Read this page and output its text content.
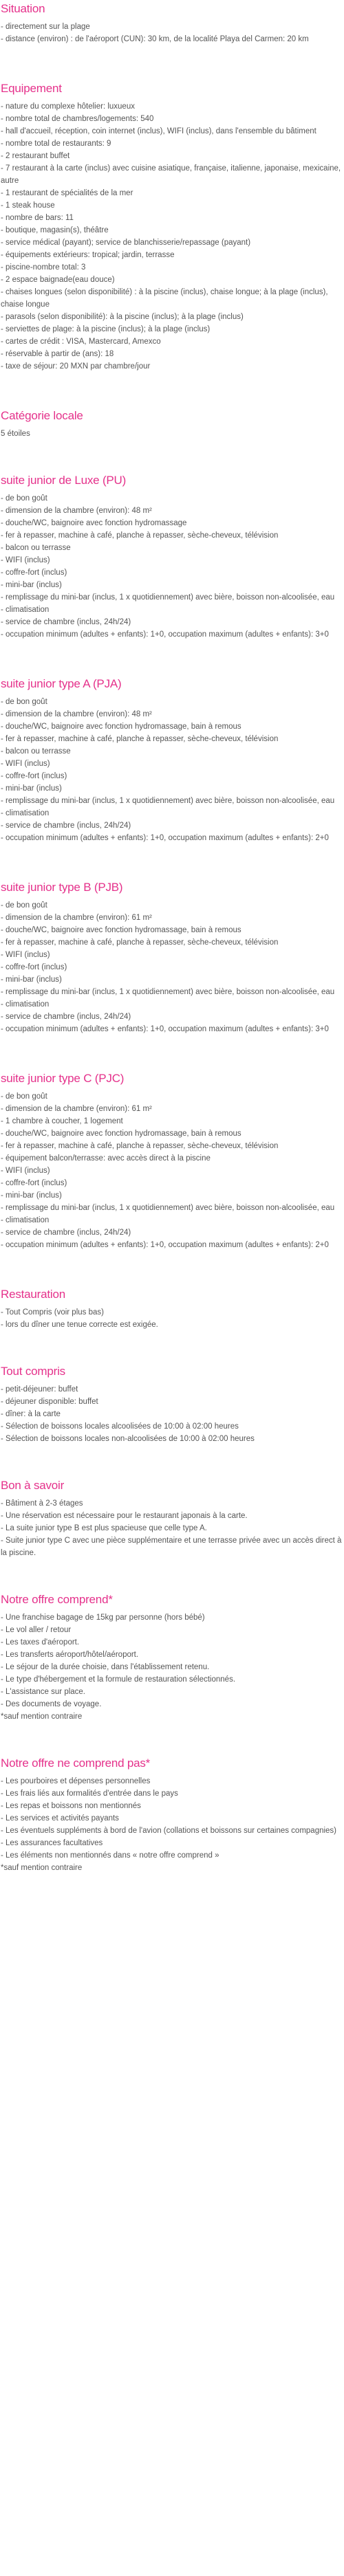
Situation
- directement sur la plage
- distance (environ) : de l'aéroport (CUN): 30 km, de la localité Playa del Carmen: 20 km
Equipement
- nature du complexe hôtelier: luxueux
- nombre total de chambres/logements: 540
- hall d'accueil, réception, coin internet (inclus), WIFI (inclus), dans l'ensemble du bâtiment
- nombre total de restaurants: 9
- 2 restaurant buffet
- 7 restaurant à la carte (inclus) avec cuisine asiatique, française, italienne, japonaise, mexicaine, autre
- 1 restaurant de spécialités de la mer
- 1 steak house
- nombre de bars: 11
- boutique, magasin(s), théâtre
- service médical (payant); service de blanchisserie/repassage (payant)
- équipements extérieurs: tropical; jardin, terrasse
- piscine-nombre total: 3
- 2 espace baignade(eau douce)
- chaises longues (selon disponibilité) : à la piscine (inclus), chaise longue; à la plage (inclus), chaise longue
- parasols (selon disponibilité): à la piscine (inclus); à la plage (inclus)
- serviettes de plage: à la piscine (inclus); à la plage (inclus)
- cartes de crédit : VISA, Mastercard, Amexco
- réservable à partir de (ans): 18
- taxe de séjour: 20 MXN par chambre/jour
Catégorie locale
5 étoiles
suite junior de Luxe (PU)
- de bon goût
- dimension de la chambre (environ): 48 m²
- douche/WC, baignoire avec fonction hydromassage
- fer à repasser, machine à café, planche à repasser, sèche-cheveux, télévision
- balcon ou terrasse
- WIFI (inclus)
- coffre-fort (inclus)
- mini-bar (inclus)
- remplissage du mini-bar (inclus, 1 x quotidiennement) avec bière, boisson non-alcoolisée, eau
- climatisation
- service de chambre (inclus, 24h/24)
- occupation minimum (adultes + enfants): 1+0, occupation maximum (adultes + enfants): 3+0
suite junior type A (PJA)
- de bon goût
- dimension de la chambre (environ): 48 m²
- douche/WC, baignoire avec fonction hydromassage, bain à remous
- fer à repasser, machine à café, planche à repasser, sèche-cheveux, télévision
- balcon ou terrasse
- WIFI (inclus)
- coffre-fort (inclus)
- mini-bar (inclus)
- remplissage du mini-bar (inclus, 1 x quotidiennement) avec bière, boisson non-alcoolisée, eau
- climatisation
- service de chambre (inclus, 24h/24)
- occupation minimum (adultes + enfants): 1+0, occupation maximum (adultes + enfants): 2+0
suite junior type B (PJB)
- de bon goût
- dimension de la chambre (environ): 61 m²
- douche/WC, baignoire avec fonction hydromassage, bain à remous
- fer à repasser, machine à café, planche à repasser, sèche-cheveux, télévision
- WIFI (inclus)
- coffre-fort (inclus)
- mini-bar (inclus)
- remplissage du mini-bar (inclus, 1 x quotidiennement) avec bière, boisson non-alcoolisée, eau
- climatisation
- service de chambre (inclus, 24h/24)
- occupation minimum (adultes + enfants): 1+0, occupation maximum (adultes + enfants): 3+0
suite junior type C (PJC)
- de bon goût
- dimension de la chambre (environ): 61 m²
- 1 chambre à coucher, 1 logement
- douche/WC, baignoire avec fonction hydromassage, bain à remous
- fer à repasser, machine à café, planche à repasser, sèche-cheveux, télévision
- équipement balcon/terrasse: avec accès direct à la piscine
- WIFI (inclus)
- coffre-fort (inclus)
- mini-bar (inclus)
- remplissage du mini-bar (inclus, 1 x quotidiennement) avec bière, boisson non-alcoolisée, eau
- climatisation
- service de chambre (inclus, 24h/24)
- occupation minimum (adultes + enfants): 1+0, occupation maximum (adultes + enfants): 2+0
Restauration
- Tout Compris (voir plus bas)
- lors du dîner une tenue correcte est exigée.
Tout compris
- petit-déjeuner: buffet
- déjeuner disponible: buffet
- dîner: à la carte
- Sélection de boissons locales alcoolisées de 10:00 à 02:00 heures
- Sélection de boissons locales non-alcoolisées de 10:00 à 02:00 heures
Bon à savoir
- Bâtiment à 2-3 étages
- Une réservation est nécessaire pour le restaurant japonais à la carte.
- La suite junior type B est plus spacieuse que celle type A.
- Suite junior type C avec une pièce supplémentaire et une terrasse privée avec un accès direct à la piscine.
Notre offre comprend*
- Une franchise bagage de 15kg par personne (hors bébé)
- Le vol aller / retour
- Les taxes d'aéroport.
- Les transferts aéroport/hôtel/aéroport.
- Le séjour de la durée choisie, dans l'établissement retenu.
- Le type d'hébergement et la formule de restauration sélectionnés.
- L'assistance sur place.
- Des documents de voyage.
*sauf mention contraire
Notre offre ne comprend pas*
- Les pourboires et dépenses personnelles
- Les frais liés aux formalités d'entrée dans le pays
- Les repas et boissons non mentionnés
- Les services et activités payants
- Les éventuels suppléments à bord de l'avion (collations et boissons sur certaines compagnies)
- Les assurances facultatives
- Les éléments non mentionnés dans « notre offre comprend »
*sauf mention contraire
